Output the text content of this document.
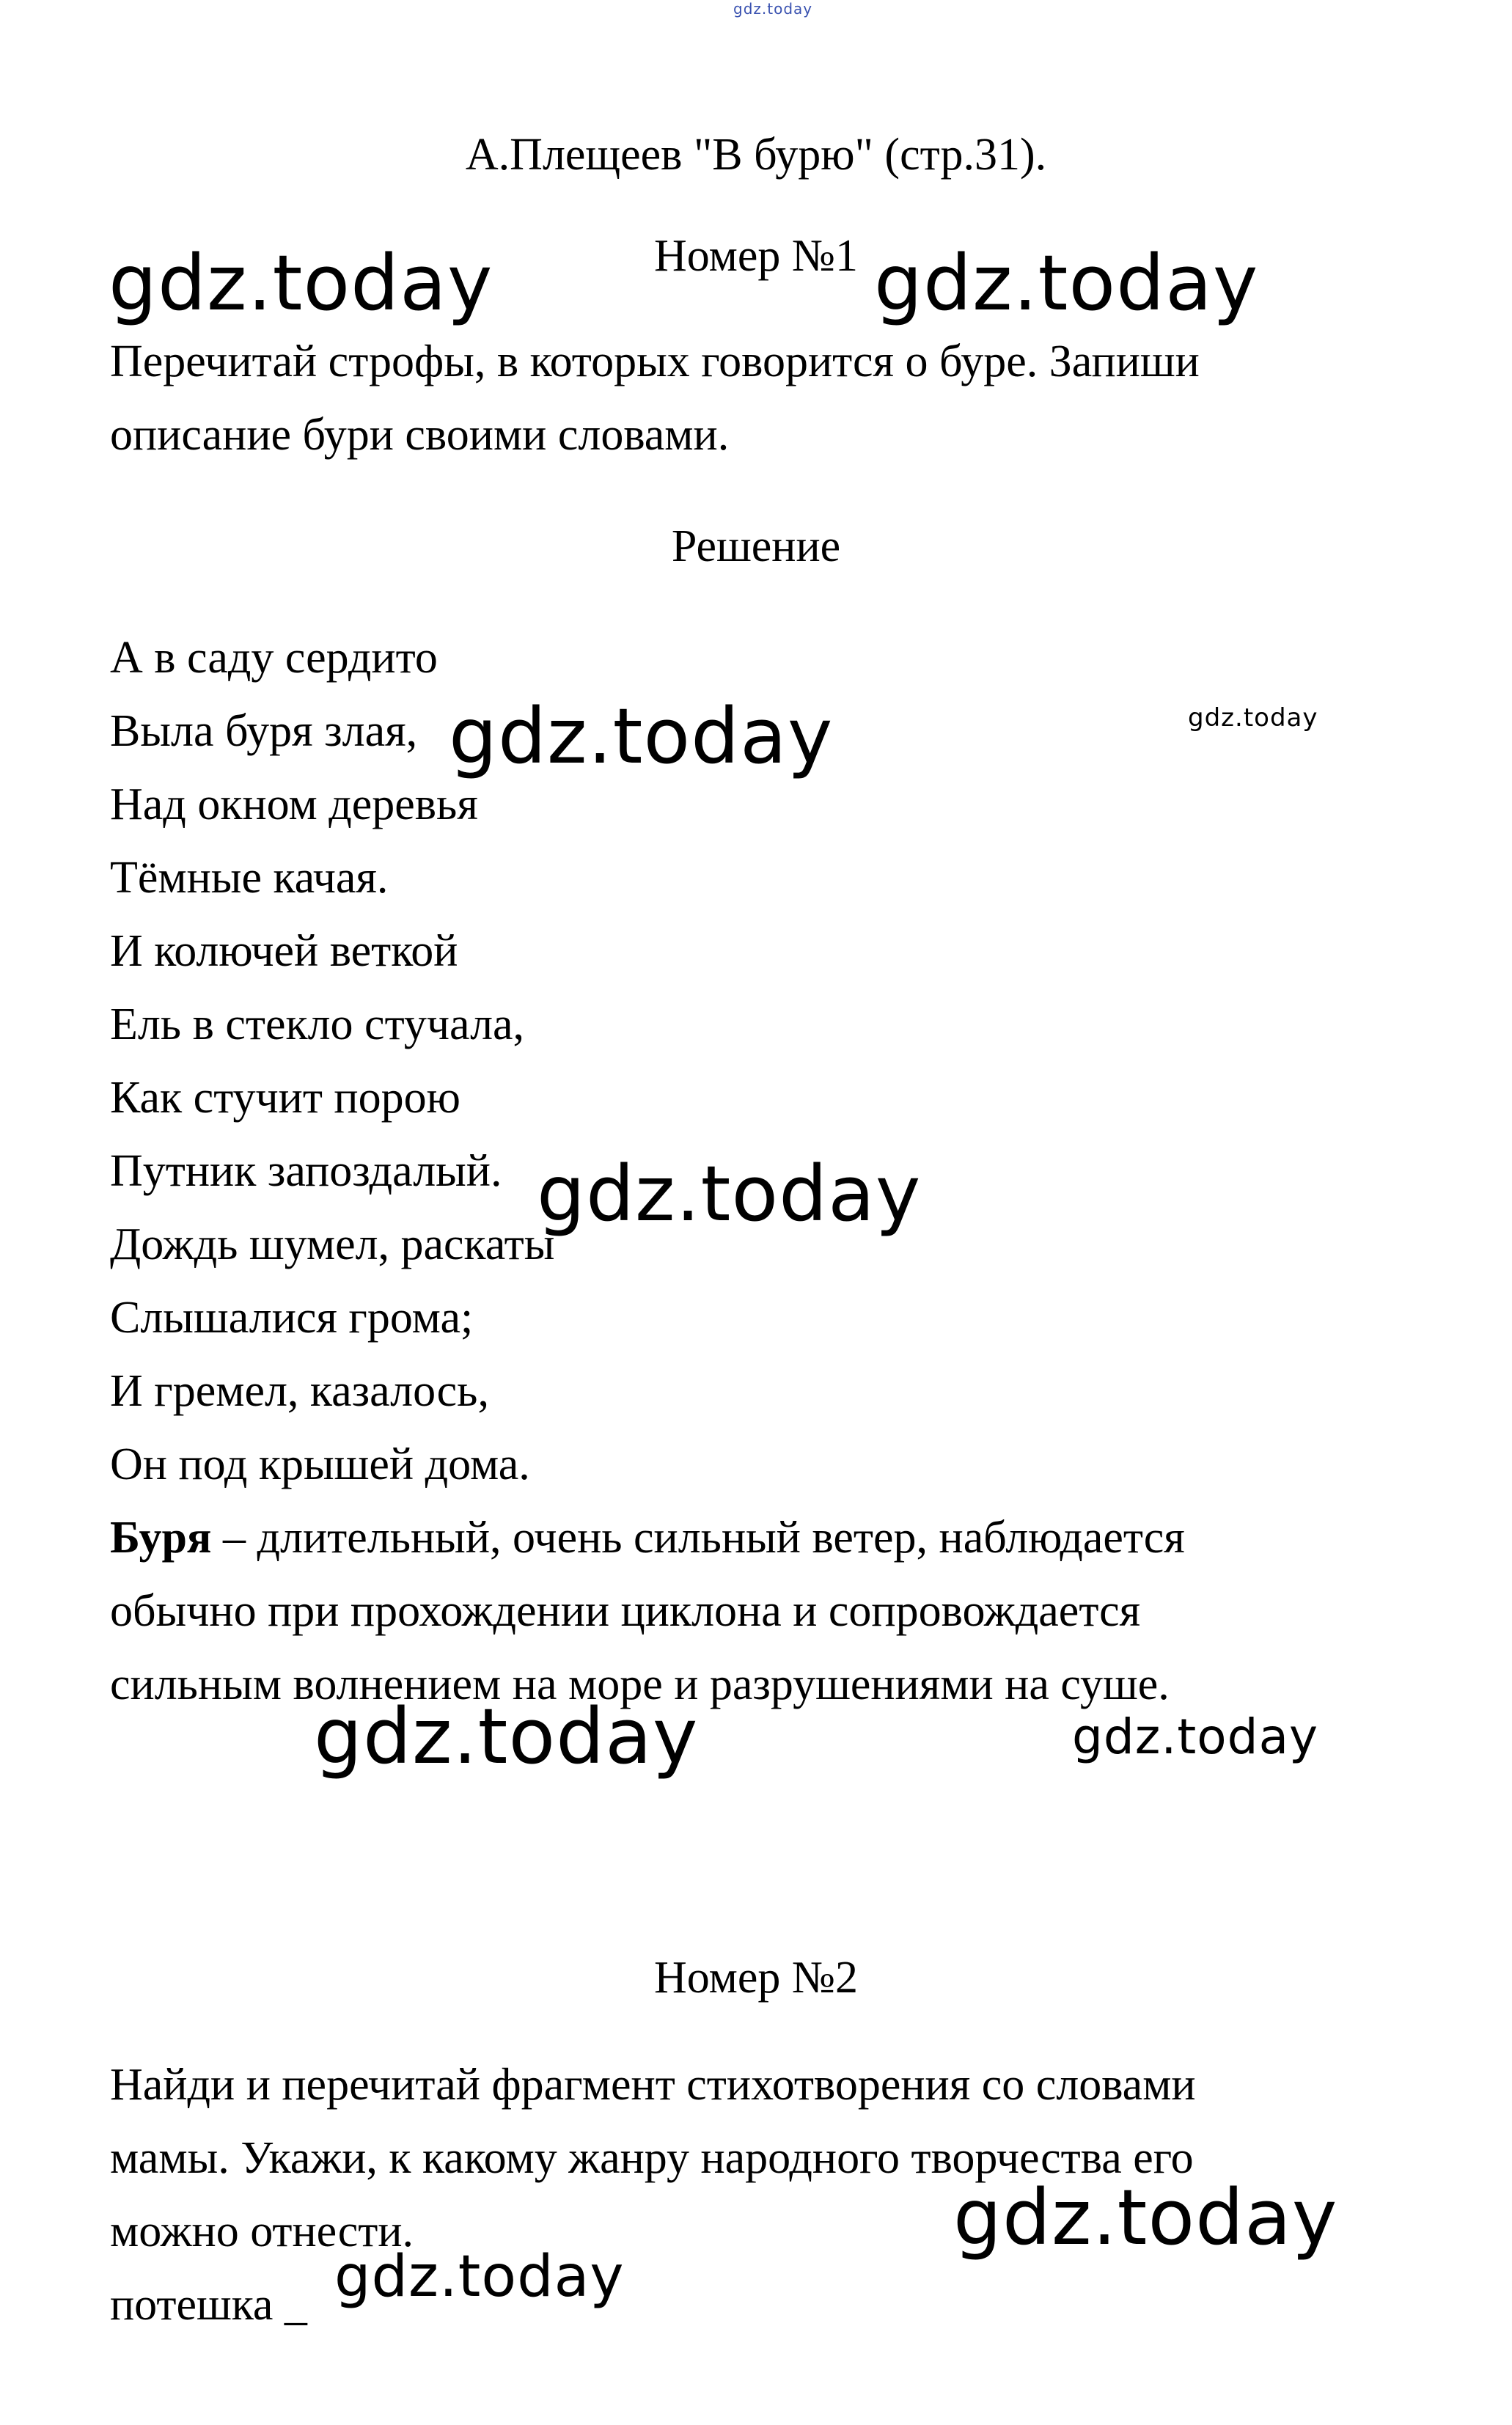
gdz.today
А.Плещеев "В бурю" (стр.31).
Номер №1
Перечитай строфы, в которых говорится о буре. Запиши
описание бури своими словами.
Решение
А в саду сердито
Выла буря злая,
Над окном деревья
Тёмные качая.
И колючей веткой
Ель в стекло стучала,
Как стучит порою
Путник запоздалый.
Дождь шумел, раскаты
Слышалися грома;
И гремел, казалось,
Он под крышей дома.
Буря – длительный, очень сильный ветер, наблюдается
обычно при прохождении циклона и сопровождается
сильным волнением на море и разрушениями на суше.
Номер №2
Найди и перечитай фрагмент стихотворения со словами
мамы. Укажи, к какому жанру народного творчества его
можно отнести.
потешка _
gdz.today	gdz.today
gdz.today
gdz.today
gdz.today
gdz.today	gdz.today
gdz.today
gdz.today
